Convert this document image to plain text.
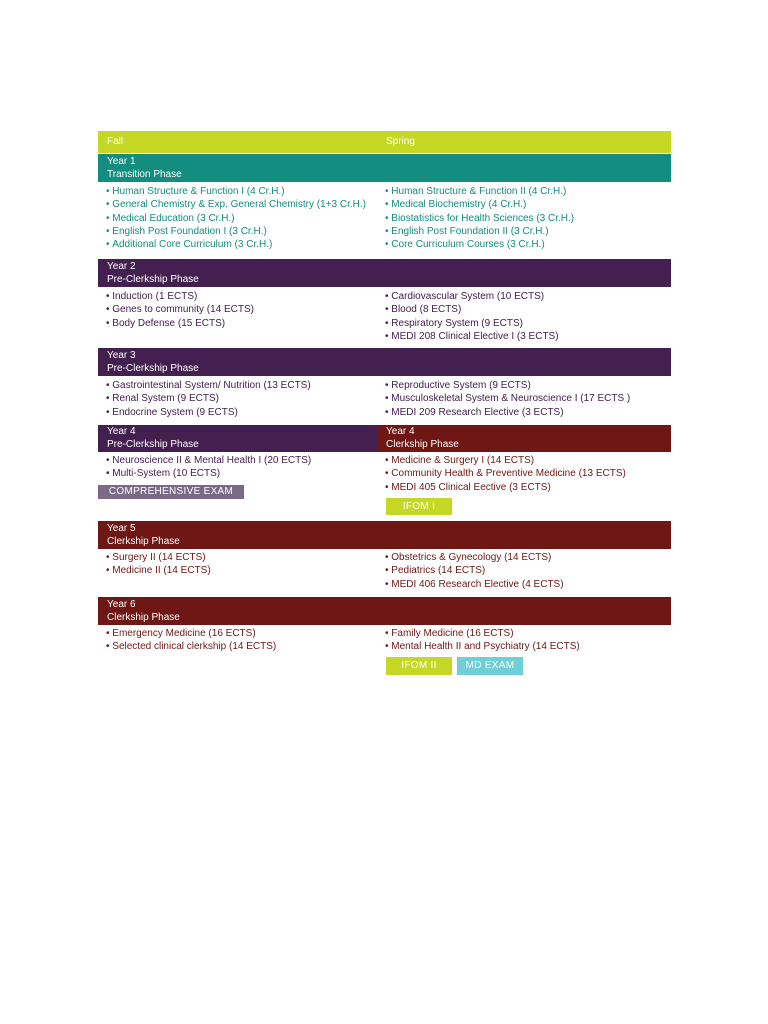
Fall	Spring
Year 1
Transition Phase
• Human Structure & Function I (4 Cr.H.)
• General Chemistry & Exp. General Chemistry (1+3 Cr.H.)
• Medical Education (3 Cr.H.)
• English Post Foundation I (3 Cr.H.)
• Additional Core Curriculum (3 Cr.H.)
• Human Structure & Function II (4 Cr.H.)
• Medical Biochemistry (4 Cr.H.)
• Biostatistics for Health Sciences (3 Cr.H.)
• English Post Foundation II (3 Cr.H.)
• Core Curriculum Courses (3 Cr.H.)
Year 2
Pre-Clerkship Phase
• Induction (1 ECTS)
• Genes to community (14 ECTS)
• Body Defense (15 ECTS)
• Cardiovascular System (10 ECTS)
• Blood (8 ECTS)
• Respiratory System (9 ECTS)
• MEDI 208 Clinical Elective I (3 ECTS)
Year 3
Pre-Clerkship Phase
• Gastrointestinal System/ Nutrition (13 ECTS)
• Renal System (9 ECTS)
• Endocrine System (9 ECTS)
• Reproductive System (9 ECTS)
• Musculoskeletal System & Neuroscience I (17 ECTS )
• MEDI 209 Research Elective (3 ECTS)
Year 4
Pre-Clerkship Phase
Year 4
Clerkship Phase
• Neuroscience II & Mental Health I (20 ECTS)
• Multi-System (10 ECTS)
• Medicine & Surgery I (14 ECTS)
• Community Health & Preventive Medicine (13 ECTS)
• MEDI 405 Clinical Eective (3 ECTS)
COMPREHENSIVE EXAM
IFOM I
Year 5
Clerkship Phase
• Surgery II (14 ECTS)
• Medicine II (14 ECTS)
• Obstetrics & Gynecology (14 ECTS)
• Pediatrics (14 ECTS)
• MEDI 406 Research Elective (4 ECTS)
Year 6
Clerkship Phase
• Emergency Medicine (16 ECTS)
• Selected clinical clerkship (14 ECTS)
• Family Medicine (16 ECTS)
• Mental Health II and Psychiatry (14 ECTS)
IFOM II	MD EXAM
